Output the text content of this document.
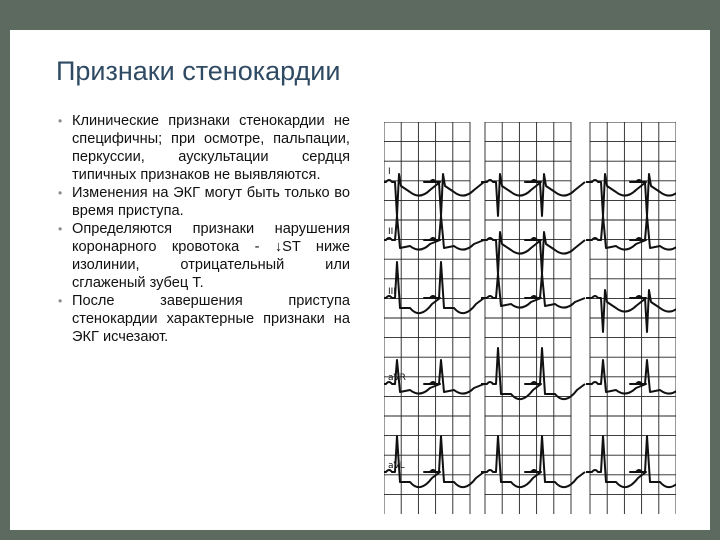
Признаки стенокардии
• Клинические признаки стенокардии не специфичны; при осмотре, пальпации, перкуссии, аускультации сердця типичных признаков не выявляются.
• Изменения на ЭКГ могут быть только во время приступа.
• Определяются признаки нарушения коронарного кровотока - ↓ST ниже изолинии, отрицательный или сглаженый зубец Т.
• После завершения приступа стенокардии характерные признаки на ЭКГ исчезают.
I
II
III
aVR
aVL
